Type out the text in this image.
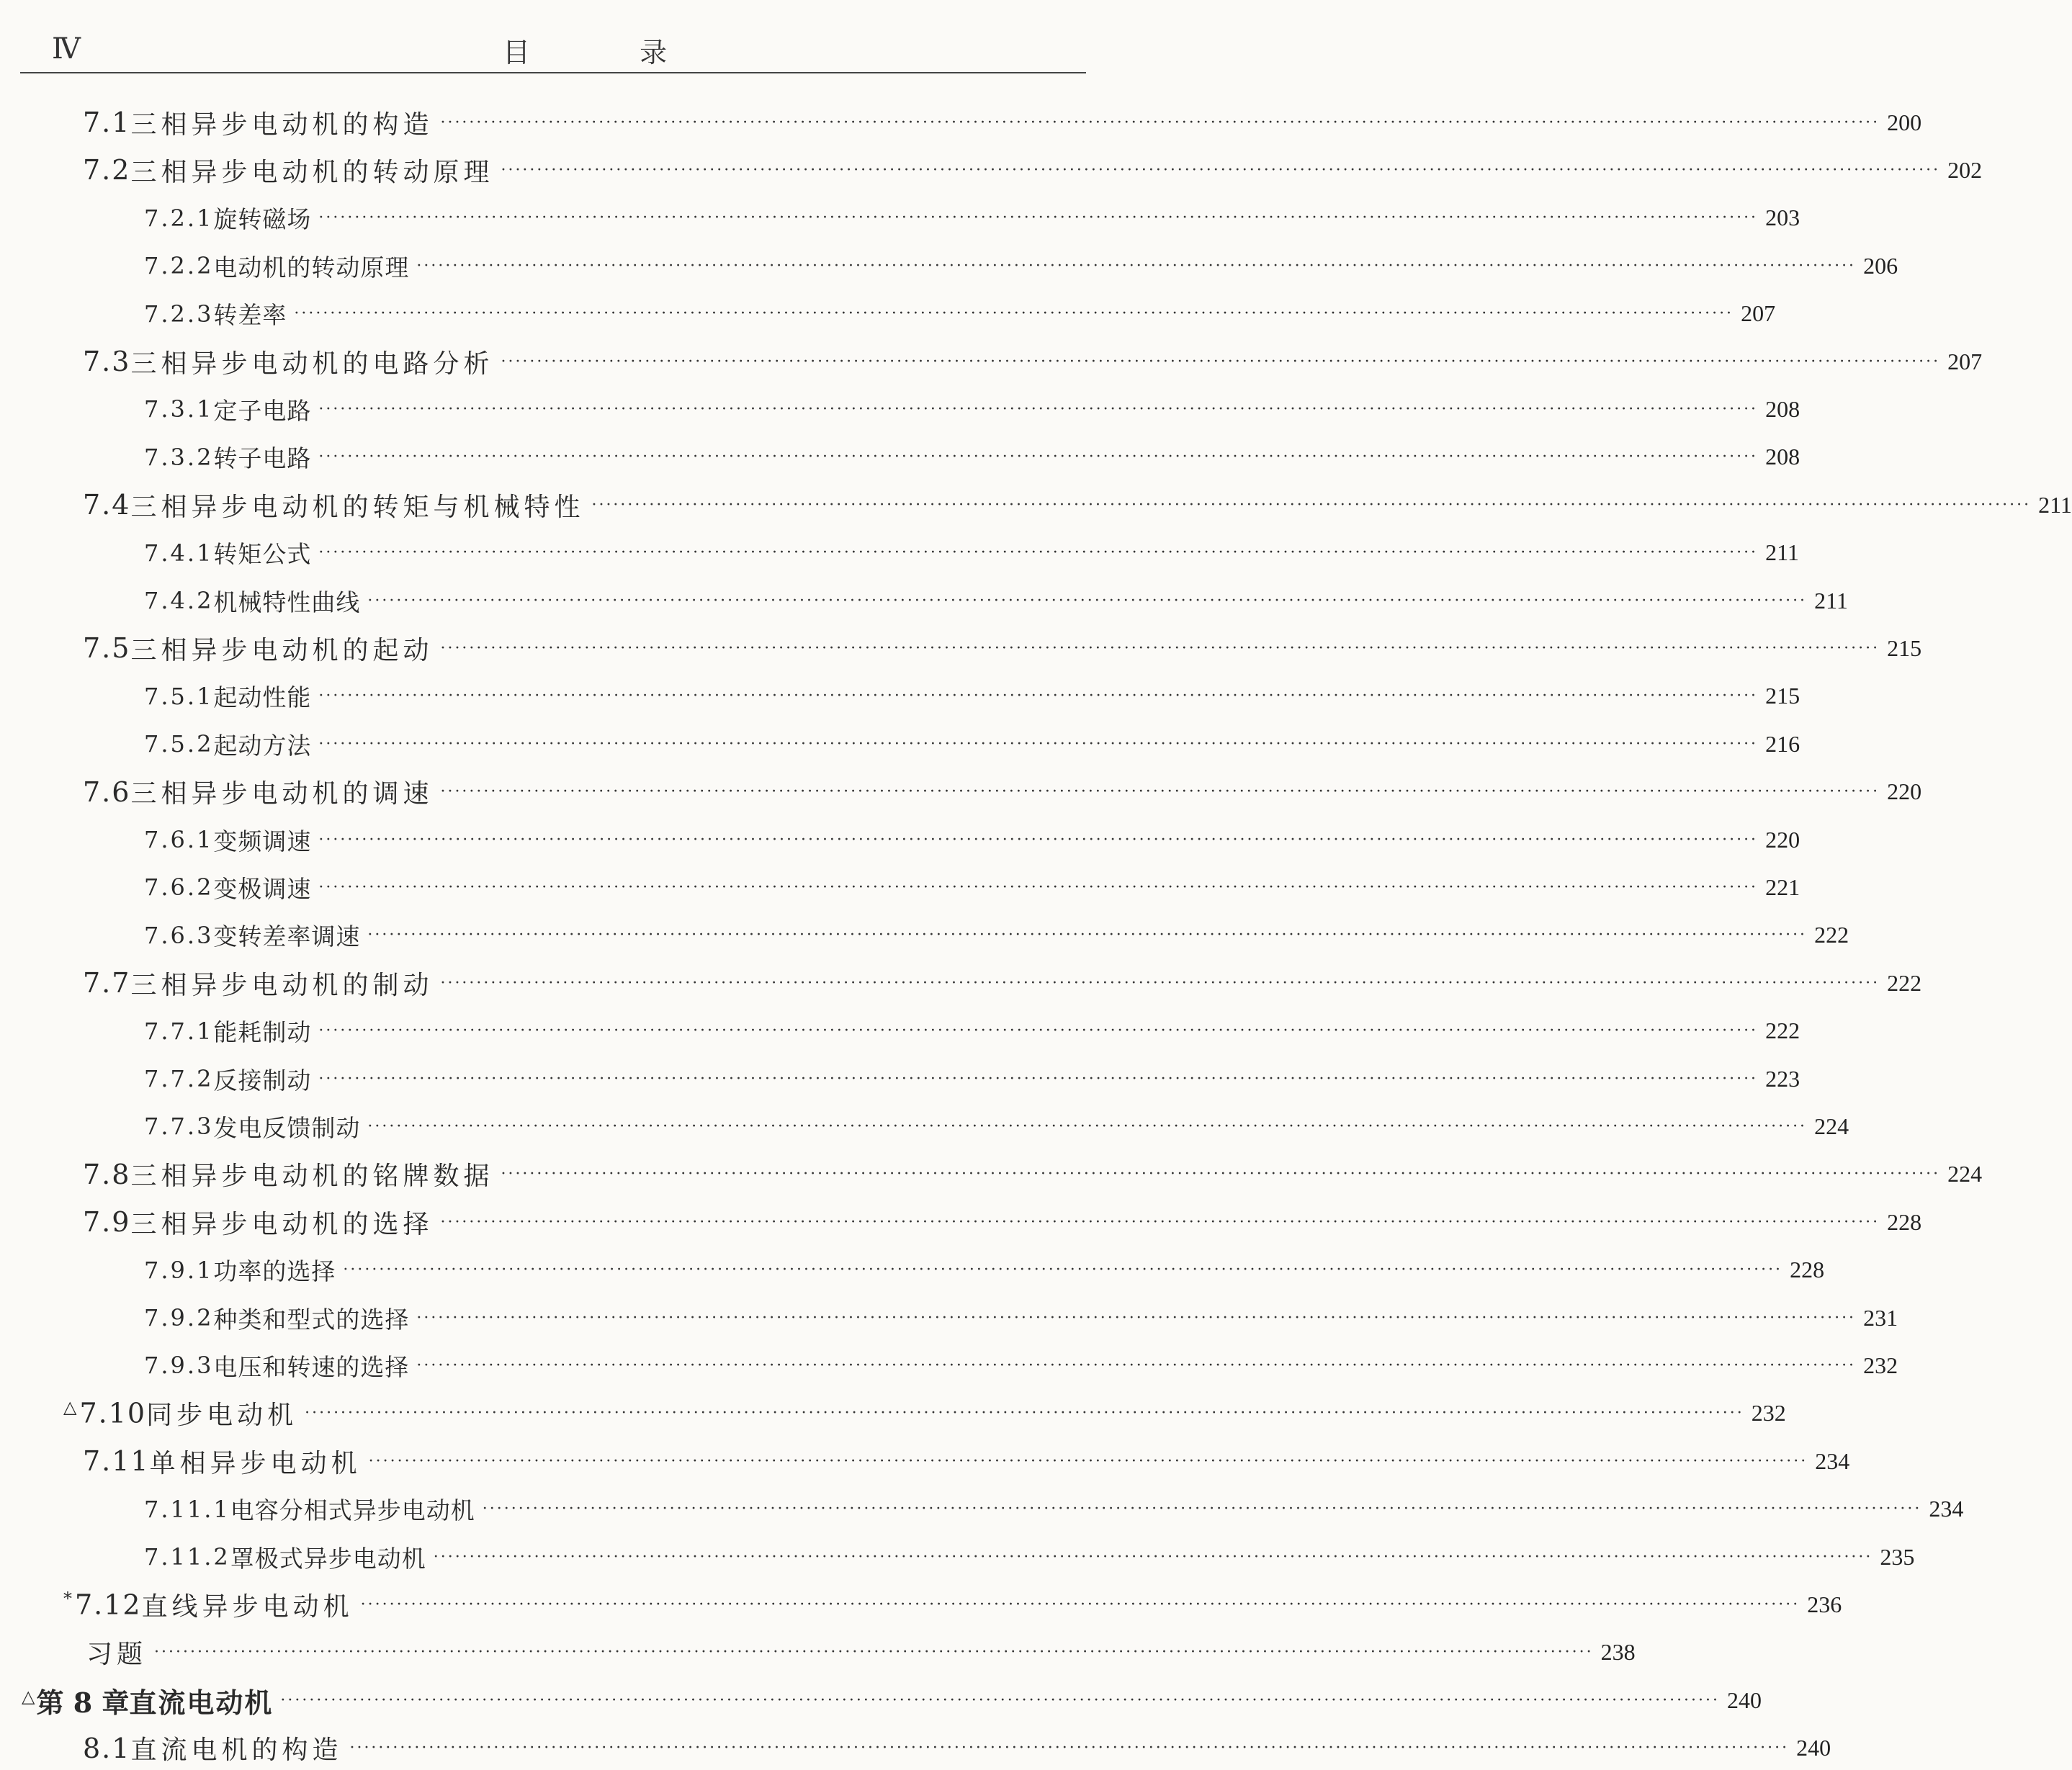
Ⅳ	目 录
7.1 三相异步电动机的构造 ········································································································································································································ 200
7.2 三相异步电动机的转动原理 ········································································································································································································ 202
7.2.1 旋转磁场 ········································································································································································································ 203
7.2.2 电动机的转动原理 ········································································································································································································ 206
7.2.3 转差率 ········································································································································································································ 207
7.3 三相异步电动机的电路分析 ········································································································································································································ 207
7.3.1 定子电路 ········································································································································································································ 208
7.3.2 转子电路 ········································································································································································································ 208
7.4 三相异步电动机的转矩与机械特性 ········································································································································································································ 211
7.4.1 转矩公式 ········································································································································································································ 211
7.4.2 机械特性曲线 ········································································································································································································ 211
7.5 三相异步电动机的起动 ········································································································································································································ 215
7.5.1 起动性能 ········································································································································································································ 215
7.5.2 起动方法 ········································································································································································································ 216
7.6 三相异步电动机的调速 ········································································································································································································ 220
7.6.1 变频调速 ········································································································································································································ 220
7.6.2 变极调速 ········································································································································································································ 221
7.6.3 变转差率调速 ········································································································································································································ 222
7.7 三相异步电动机的制动 ········································································································································································································ 222
7.7.1 能耗制动 ········································································································································································································ 222
7.7.2 反接制动 ········································································································································································································ 223
7.7.3 发电反馈制动 ········································································································································································································ 224
7.8 三相异步电动机的铭牌数据 ········································································································································································································ 224
7.9 三相异步电动机的选择 ········································································································································································································ 228
7.9.1 功率的选择 ········································································································································································································ 228
7.9.2 种类和型式的选择 ········································································································································································································ 231
7.9.3 电压和转速的选择 ········································································································································································································ 232
△7.10 同步电动机 ········································································································································································································ 232
7.11 单相异步电动机 ········································································································································································································ 234
7.11.1 电容分相式异步电动机 ········································································································································································································ 234
7.11.2 罩极式异步电动机 ········································································································································································································ 235
*7.12 直线异步电动机 ········································································································································································································ 236
习题 ········································································································································································································ 238
△第 8 章 直流电动机 ········································································································································································································ 240
8.1 直流电机的构造 ········································································································································································································ 240
